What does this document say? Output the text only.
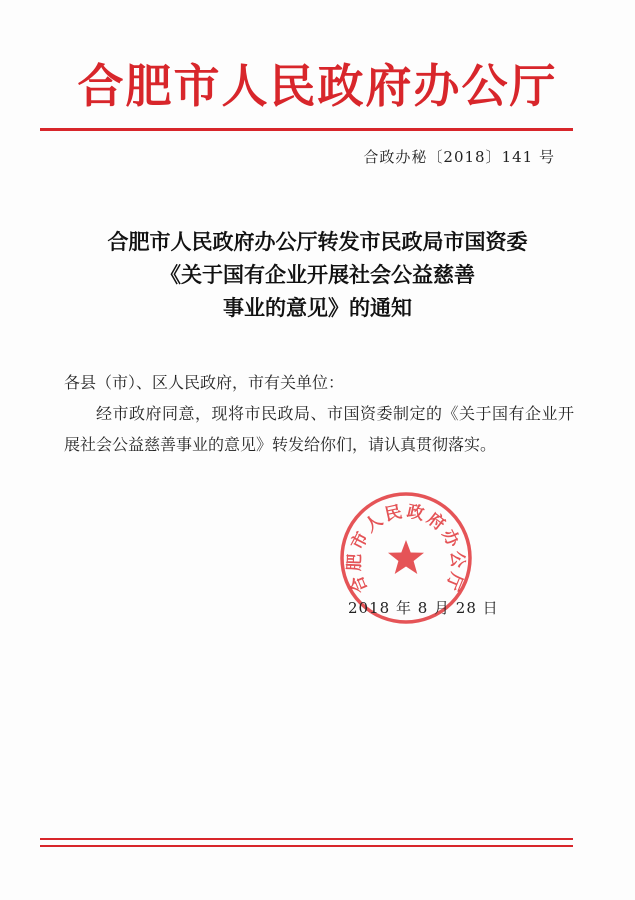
合肥市人民政府办公厅
合政办秘〔2018〕141 号
合肥市人民政府办公厅转发市民政局市国资委
《关于国有企业开展社会公益慈善
事业的意见》的通知
各县（市）、区人民政府，市有关单位：
经市政府同意，现将市民政局、市国资委制定的《关于国有企业开展社会公益慈善事业的意见》转发给你们，请认真贯彻落实。
合肥市人民政府办公厅
2018 年 8 月 28 日
